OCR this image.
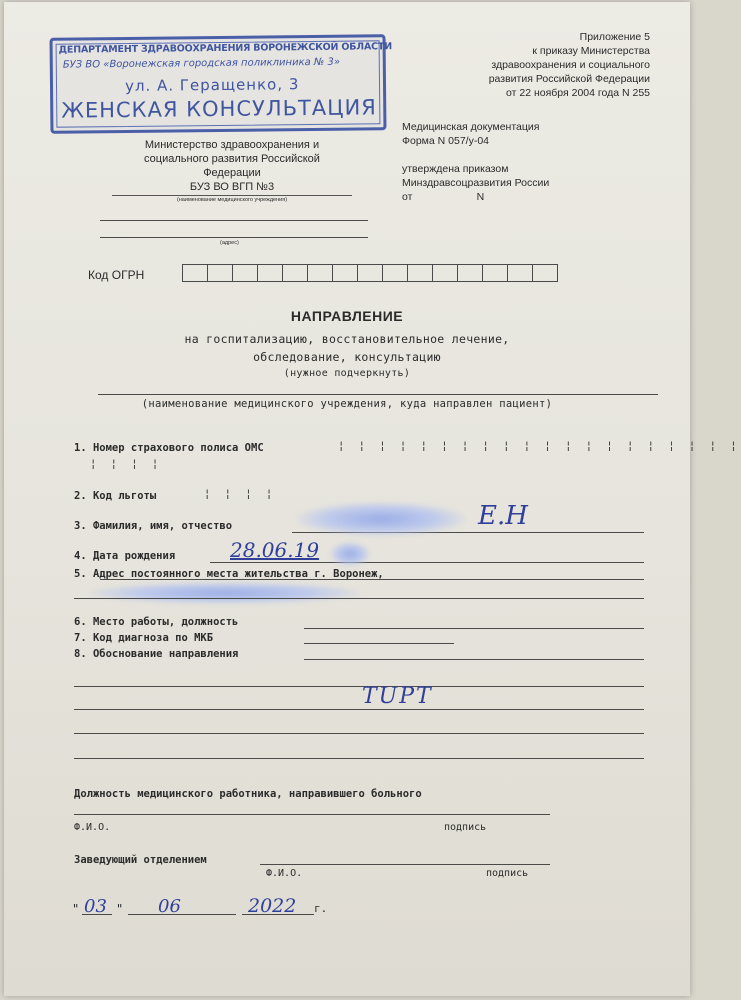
ДЕПАРТАМЕНТ ЗДРАВООХРАНЕНИЯ ВОРОНЕЖСКОЙ ОБЛАСТИ
БУЗ ВО «Воронежская городская поликлиника № 3»
ул. А. Геращенко, 3
ЖЕНСКАЯ КОНСУЛЬТАЦИЯ
Приложение 5
к приказу Министерства
здравоохранения и социального
развития Российской Федерации
от 22 ноября 2004 года N 255
Министерство здравоохранения и
социального развития Российской
Федерации
БУЗ ВО ВГП №3
(наименование медицинского учреждения)
(адрес)
Медицинская документация
Форма N 057/у-04
утверждена приказом
Минздравсоцразвития России
от                      N
Код ОГРН
НАПРАВЛЕНИЕ
на госпитализацию, восстановительное лечение,
обследование, консультацию
(нужное подчеркнуть)
(наименование медицинского учреждения, куда направлен пациент)
1. Номер страхового полиса ОМС	¦ ¦ ¦ ¦ ¦ ¦ ¦ ¦ ¦ ¦ ¦ ¦ ¦ ¦ ¦ ¦ ¦ ¦ ¦ ¦
¦ ¦ ¦ ¦
2. Код льготы	¦ ¦ ¦ ¦
3. Фамилия, имя, отчество	Е.Н
4. Дата рождения	28.06.19
5. Адрес постоянного места жительства г. Воронеж,
6. Место работы, должность
7. Код диагноза по МКБ
8. Обоснование направления
TUPT
Должность медицинского работника, направившего больного
Ф.И.О.	подпись
Заведующий отделением
Ф.И.О.	подпись
" 03 " 06	2022 г.
